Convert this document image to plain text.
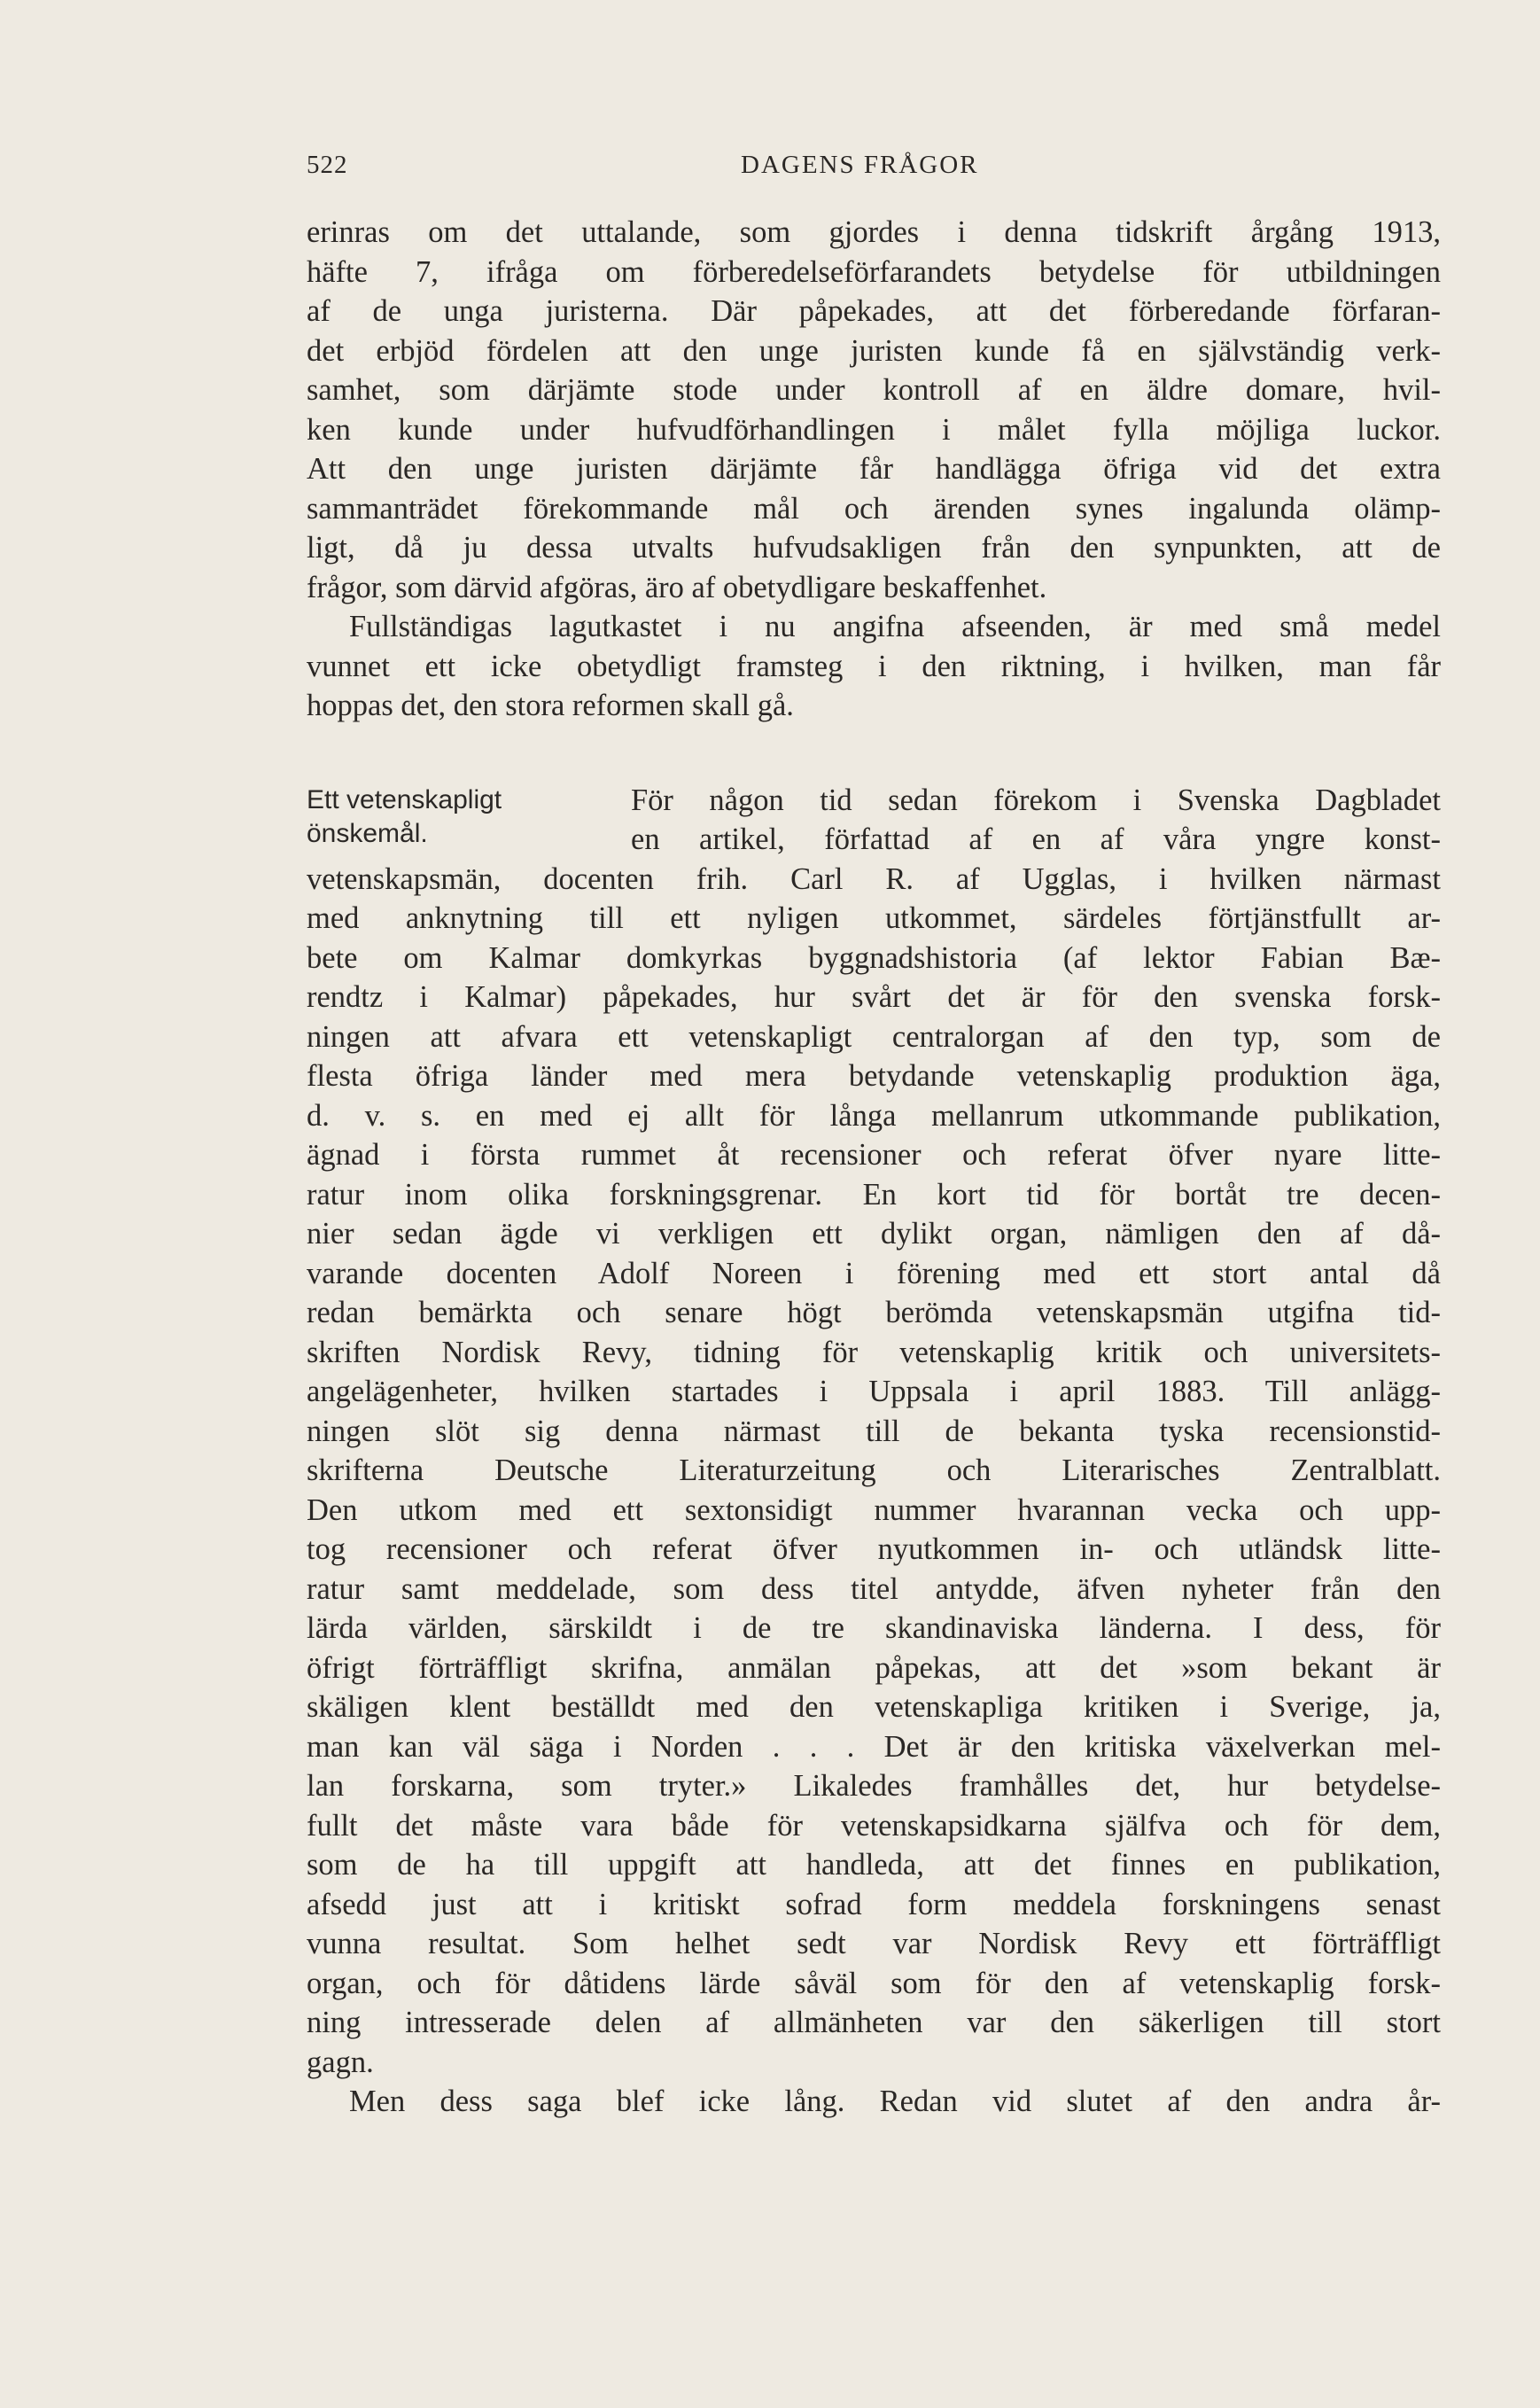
522	DAGENS FRÅGOR
erinras om det uttalande, som gjordes i denna tidskrift årgång 1913,
häfte 7, ifråga om förberedelseförfarandets betydelse för utbildningen
af de unga juristerna. Där påpekades, att det förberedande förfaran-
det erbjöd fördelen att den unge juristen kunde få en självständig verk-
samhet, som därjämte stode under kontroll af en äldre domare, hvil-
ken kunde under hufvudförhandlingen i målet fylla möjliga luckor.
Att den unge juristen därjämte får handlägga öfriga vid det extra
sammanträdet förekommande mål och ärenden synes ingalunda olämp-
ligt, då ju dessa utvalts hufvudsakligen från den synpunkten, att de
frågor, som därvid afgöras, äro af obetydligare beskaffenhet.
Fullständigas lagutkastet i nu angifna afseenden, är med små medel
vunnet ett icke obetydligt framsteg i den riktning, i hvilken, man får
hoppas det, den stora reformen skall gå.
Ett vetenskapligt
önskemål.
För någon tid sedan förekom i Svenska Dagbladet
en artikel, författad af en af våra yngre konst-
vetenskapsmän, docenten frih. Carl R. af Ugglas, i hvilken närmast
med anknytning till ett nyligen utkommet, särdeles förtjänstfullt ar-
bete om Kalmar domkyrkas byggnadshistoria (af lektor Fabian Bæ-
rendtz i Kalmar) påpekades, hur svårt det är för den svenska forsk-
ningen att afvara ett vetenskapligt centralorgan af den typ, som de
flesta öfriga länder med mera betydande vetenskaplig produktion äga,
d. v. s. en med ej allt för långa mellanrum utkommande publikation,
ägnad i första rummet åt recensioner och referat öfver nyare litte-
ratur inom olika forskningsgrenar. En kort tid för bortåt tre decen-
nier sedan ägde vi verkligen ett dylikt organ, nämligen den af då-
varande docenten Adolf Noreen i förening med ett stort antal då
redan bemärkta och senare högt berömda vetenskapsmän utgifna tid-
skriften Nordisk Revy, tidning för vetenskaplig kritik och universitets-
angelägenheter, hvilken startades i Uppsala i april 1883. Till anlägg-
ningen slöt sig denna närmast till de bekanta tyska recensionstid-
skrifterna Deutsche Literaturzeitung och Literarisches Zentralblatt.
Den utkom med ett sextonsidigt nummer hvarannan vecka och upp-
tog recensioner och referat öfver nyutkommen in- och utländsk litte-
ratur samt meddelade, som dess titel antydde, äfven nyheter från den
lärda världen, särskildt i de tre skandinaviska länderna. I dess, för
öfrigt förträffligt skrifna, anmälan påpekas, att det »som bekant är
skäligen klent beställdt med den vetenskapliga kritiken i Sverige, ja,
man kan väl säga i Norden . . . Det är den kritiska växelverkan mel-
lan forskarna, som tryter.» Likaledes framhålles det, hur betydelse-
fullt det måste vara både för vetenskapsidkarna själfva och för dem,
som de ha till uppgift att handleda, att det finnes en publikation,
afsedd just att i kritiskt sofrad form meddela forskningens senast
vunna resultat. Som helhet sedt var Nordisk Revy ett förträffligt
organ, och för dåtidens lärde såväl som för den af vetenskaplig forsk-
ning intresserade delen af allmänheten var den säkerligen till stort
gagn.
Men dess saga blef icke lång. Redan vid slutet af den andra år-
